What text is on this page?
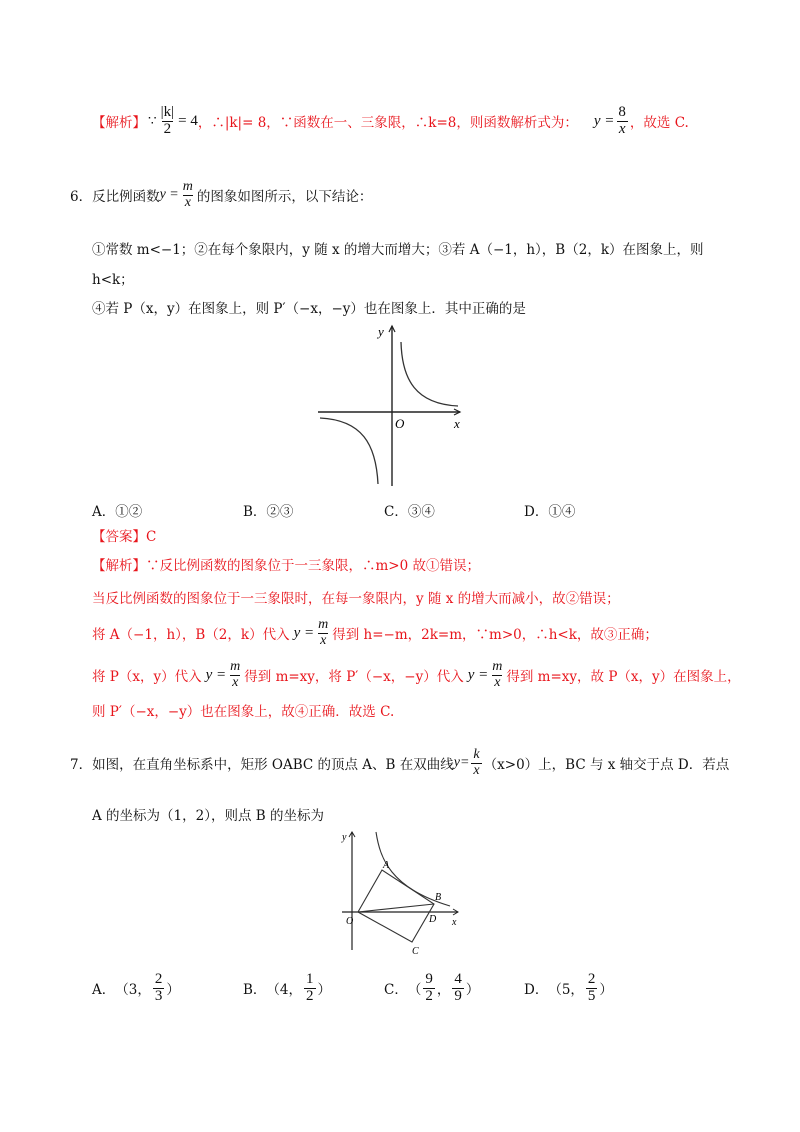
【解析】 ∵ $\frac{|k|}{2} = 4$ ，∴|k|= 8，∵函数在一、三象限，∴k=8，则函数解析式为： $y = \frac{8}{x}$ ，故选 C.
6． 反比例函数 $y = \frac{m}{x}$ 的图象如图所示，以下结论：
①常数 m<−1；②在每个象限内，y 随 x 的增大而增大；③若 A（−1，h），B（2，k）在图象上，则
h<k；
④若 P（x，y）在图象上，则 P′（−x，−y）也在图象上．其中正确的是
y
x
O
A．①②	B．②③	C．③④	D．①④
【答案】C
【解析】∵反比例函数的图象位于一三象限，∴m>0 故①错误；
当反比例函数的图象位于一三象限时，在每一象限内，y 随 x 的增大而减小，故②错误；
将 A（−1，h），B（2，k）代入 $y = \frac{m}{x}$ 得到 h=−m，2k=m，∵m>0，∴h<k，故③正确；
将 P（x，y）代入 $y = \frac{m}{x}$ 得到 m=xy，将 P′（−x，−y）代入 $y = \frac{m}{x}$ 得到 m=xy，故 P（x，y）在图象上，
则 P′（−x，−y）也在图象上，故④正确．故选 C.
7． 如图，在直角坐标系中，矩形 OABC 的顶点 A、B 在双曲线 $y= \frac{k}{x} (x>0)$上，BC 与 x 轴交于点 D．若点
A 的坐标为（1，2），则点 B 的坐标为
y
x
O
A
B
C
D
A． （3， $\frac{2}{3}$ ）	B． （4， $\frac{1}{2}$ ）	C． （ $\frac{9}{2}$ ， $\frac{4}{9}$ ）	D． （5， $\frac{2}{5}$ ）
